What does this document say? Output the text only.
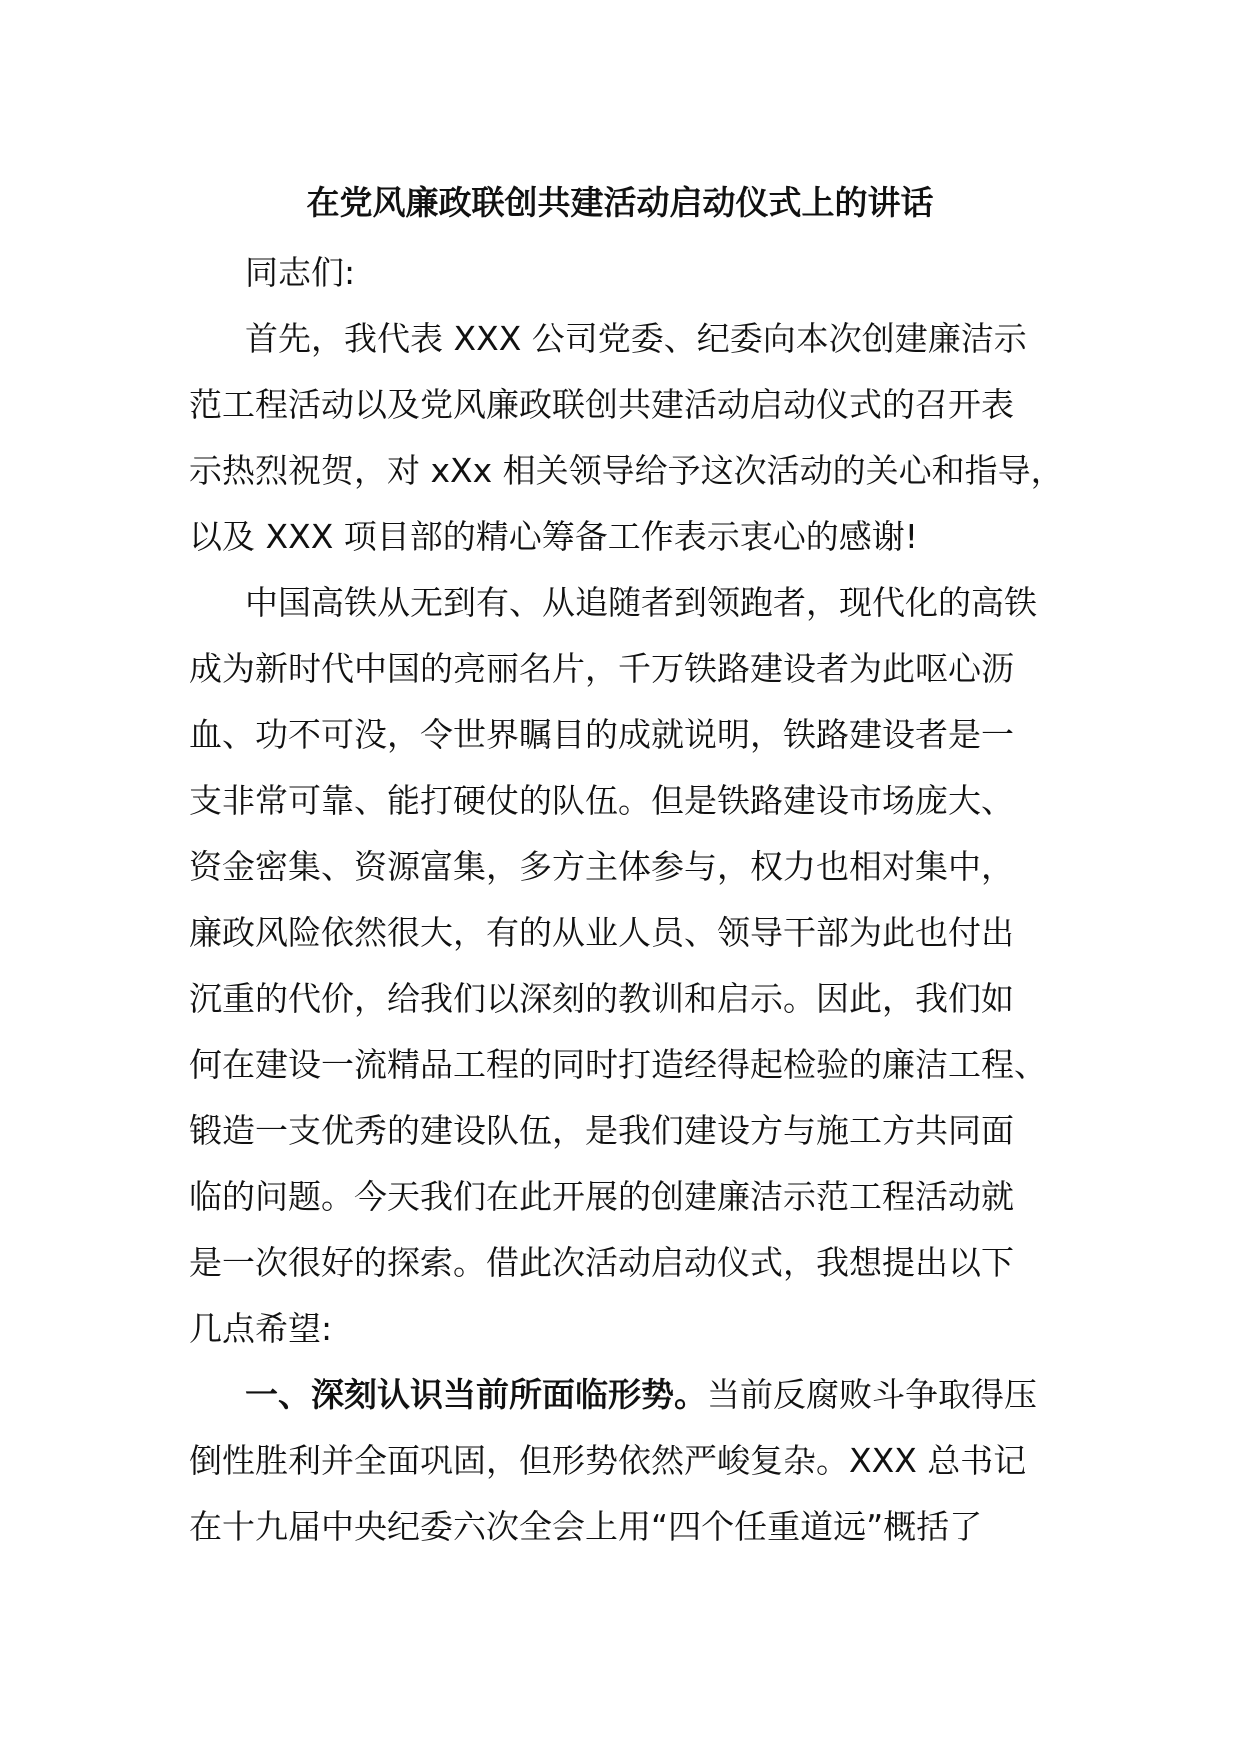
在党风廉政联创共建活动启动仪式上的讲话
同志们:
首先，我代表 XXX 公司党委、纪委向本次创建廉洁示
范工程活动以及党风廉政联创共建活动启动仪式的召开表
示热烈祝贺，对 xXx 相关领导给予这次活动的关心和指导，
以及 XXX 项目部的精心筹备工作表示衷心的感谢!
中国高铁从无到有、从追随者到领跑者，现代化的高铁
成为新时代中国的亮丽名片，千万铁路建设者为此呕心沥
血、功不可没，令世界瞩目的成就说明，铁路建设者是一
支非常可靠、能打硬仗的队伍。但是铁路建设市场庞大、
资金密集、资源富集，多方主体参与，权力也相对集中，
廉政风险依然很大，有的从业人员、领导干部为此也付出
沉重的代价，给我们以深刻的教训和启示。因此，我们如
何在建设一流精品工程的同时打造经得起检验的廉洁工程、
锻造一支优秀的建设队伍，是我们建设方与施工方共同面
临的问题。今天我们在此开展的创建廉洁示范工程活动就
是一次很好的探索。借此次活动启动仪式，我想提出以下
几点希望:
一、深刻认识当前所面临形势。当前反腐败斗争取得压
倒性胜利并全面巩固，但形势依然严峻复杂。XXX 总书记
在十九届中央纪委六次全会上用“四个任重道远”概括了
